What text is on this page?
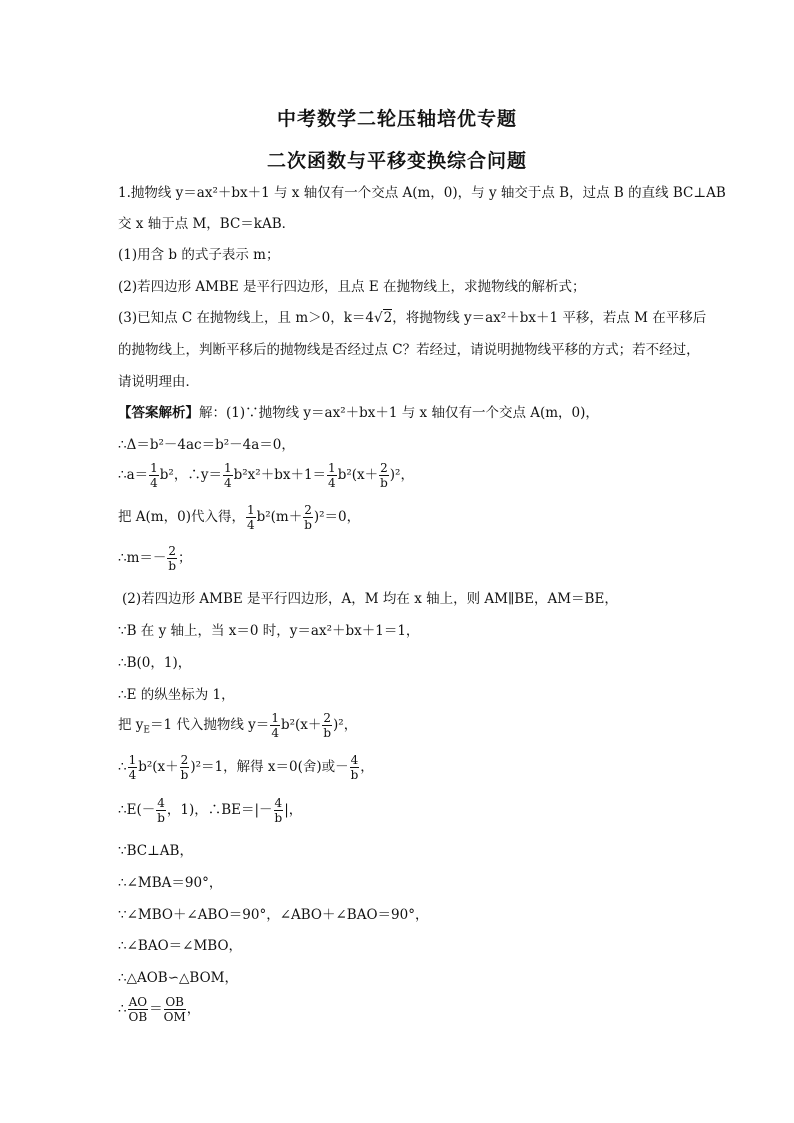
中考数学二轮压轴培优专题
二次函数与平移变换综合问题
1.抛物线 y＝ax²＋bx＋1 与 x 轴仅有一个交点 A(m，0)，与 y 轴交于点 B，过点 B 的直线 BC⊥AB
交 x 轴于点 M，BC＝kAB．
(1)用含 b 的式子表示 m；
(2)若四边形 AMBE 是平行四边形，且点 E 在抛物线上，求抛物线的解析式；
(3)已知点 C 在抛物线上，且 m＞0，k＝4√2，将抛物线 y＝ax²＋bx＋1 平移，若点 M 在平移后
的抛物线上，判断平移后的抛物线是否经过点 C？若经过，请说明抛物线平移的方式；若不经过，
请说明理由．
【答案解析】解：(1)∵抛物线 y＝ax²＋bx＋1 与 x 轴仅有一个交点 A(m，0)，
∴Δ＝b²－4ac＝b²－4a＝0，
∴a＝ $\frac{1}{4} b^2$，∴y＝ $\frac{1}{4} b^2x^2+bx+1= \frac{1}{4} b^2(x+ \frac{2}{b} )^2$，
把 A(m，0)代入得， $\frac{1}{4} b^2(m+ \frac{2}{b} )^2=0$，
∴m＝－ $\frac{2}{b}$ ；
(2)若四边形 AMBE 是平行四边形，A，M 均在 x 轴上，则 AM∥BE，AM＝BE，
∵B 在 y 轴上，当 x＝0 时，y＝ax²＋bx＋1＝1，
∴B(0，1)，
∴E 的纵坐标为 1，
把 $y_E=1$ 代入抛物线 $y= \frac{1}{4} b^2(x+ \frac{2}{b} )^2$，
∴ $\frac{1}{4} b^2(x+ \frac{2}{b} )^2=1$，解得 x＝0(舍)或－ $\frac{4}{b}$ ，
∴E(－ $\frac{4}{b}$ ，1)，∴BE＝|－ $\frac{4}{b}$ |，
∵BC⊥AB，
∴∠MBA＝90°，
∵∠MBO＋∠ABO＝90°，∠ABO＋∠BAO＝90°，
∴∠BAO＝∠MBO，
∴△AOB∽△BOM，
∴ $\frac{AO}{OB} = \frac{OB}{OM}$ ，
